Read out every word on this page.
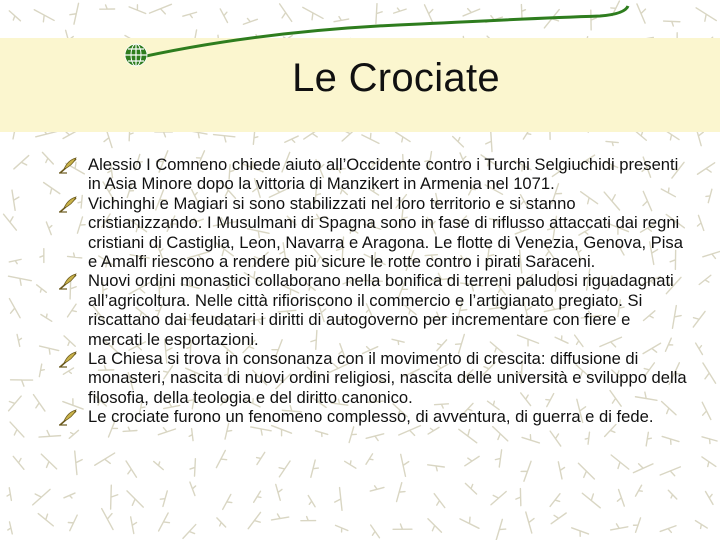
Le Crociate
Alessio I Comneno chiede aiuto all’Occidente contro i Turchi Selgiuchidi presenti in Asia Minore dopo la vittoria di Manzikert in Armenia nel 1071.
Vichinghi e Magiari si sono stabilizzati nel loro territorio e si stanno cristianizzando. I Musulmani di Spagna sono in fase di riflusso attaccati dai regni cristiani di Castiglia, Leon, Navarra e Aragona. Le flotte di Venezia, Genova, Pisa e Amalfi riescono a rendere più sicure le rotte contro i pirati Saraceni.
Nuovi ordini monastici collaborano nella bonifica di terreni paludosi riguadagnati all’agricoltura. Nelle città rifioriscono il commercio e l’artigianato pregiato. Si riscattano dai feudatari i diritti di autogoverno per incrementare con fiere e mercati le esportazioni.
La Chiesa si trova in consonanza con il movimento di crescita: diffusione di monasteri, nascita di nuovi ordini religiosi, nascita delle università e sviluppo della filosofia, della teologia e del diritto canonico.
Le crociate furono un fenomeno complesso, di avventura, di guerra e di fede.
